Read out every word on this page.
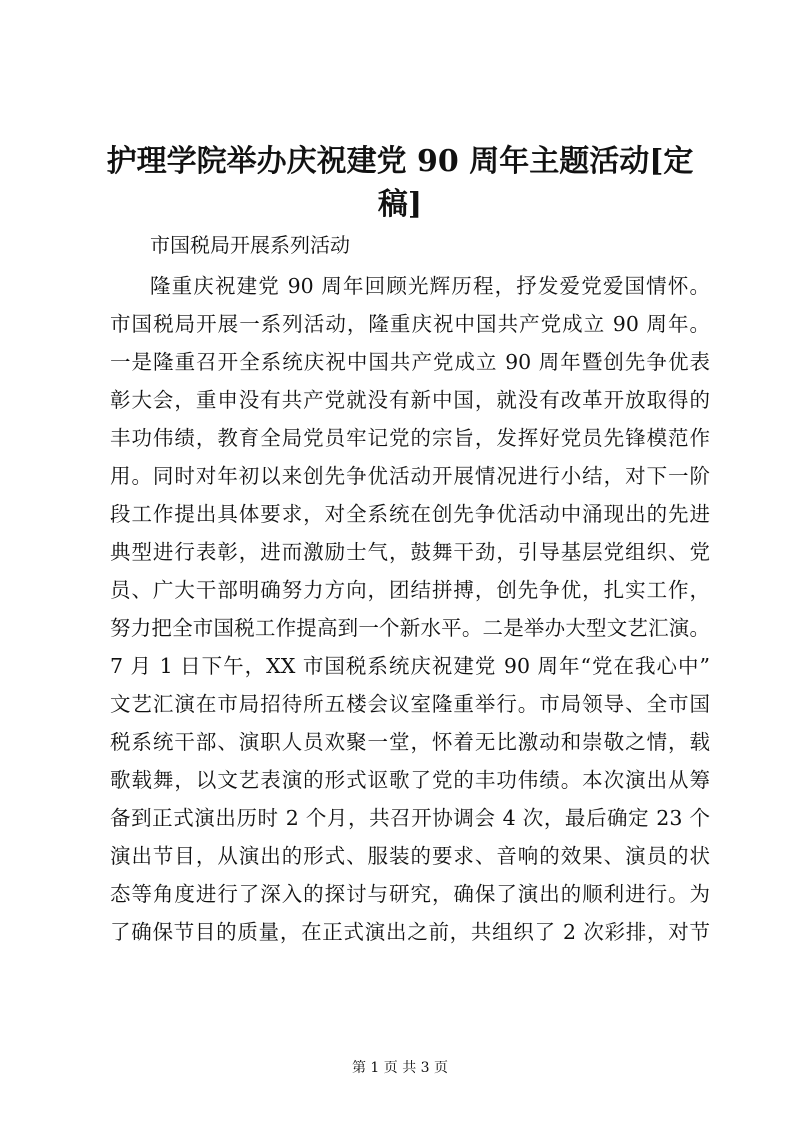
护理学院举办庆祝建党 90 周年主题活动[定
稿]

市国税局开展系列活动

隆重庆祝建党 90 周年回顾光辉历程，抒发爱党爱国情怀。
市国税局开展一系列活动，隆重庆祝中国共产党成立 90 周年。
一是隆重召开全系统庆祝中国共产党成立 90 周年暨创先争优表
彰大会，重申没有共产党就没有新中国，就没有改革开放取得的
丰功伟绩，教育全局党员牢记党的宗旨，发挥好党员先锋模范作
用。同时对年初以来创先争优活动开展情况进行小结，对下一阶
段工作提出具体要求，对全系统在创先争优活动中涌现出的先进
典型进行表彰，进而激励士气，鼓舞干劲，引导基层党组织、党
员、广大干部明确努力方向，团结拼搏，创先争优，扎实工作，
努力把全市国税工作提高到一个新水平。二是举办大型文艺汇演。
7 月 1 日下午，XX 市国税系统庆祝建党 90 周年“党在我心中”
文艺汇演在市局招待所五楼会议室隆重举行。市局领导、全市国
税系统干部、演职人员欢聚一堂，怀着无比激动和崇敬之情，载
歌载舞，以文艺表演的形式讴歌了党的丰功伟绩。本次演出从筹
备到正式演出历时 2 个月，共召开协调会 4 次，最后确定 23 个
演出节目，从演出的形式、服装的要求、音响的效果、演员的状
态等角度进行了深入的探讨与研究，确保了演出的顺利进行。为
了确保节目的质量，在正式演出之前，共组织了 2 次彩排，对节
第 1 页 共 3 页
